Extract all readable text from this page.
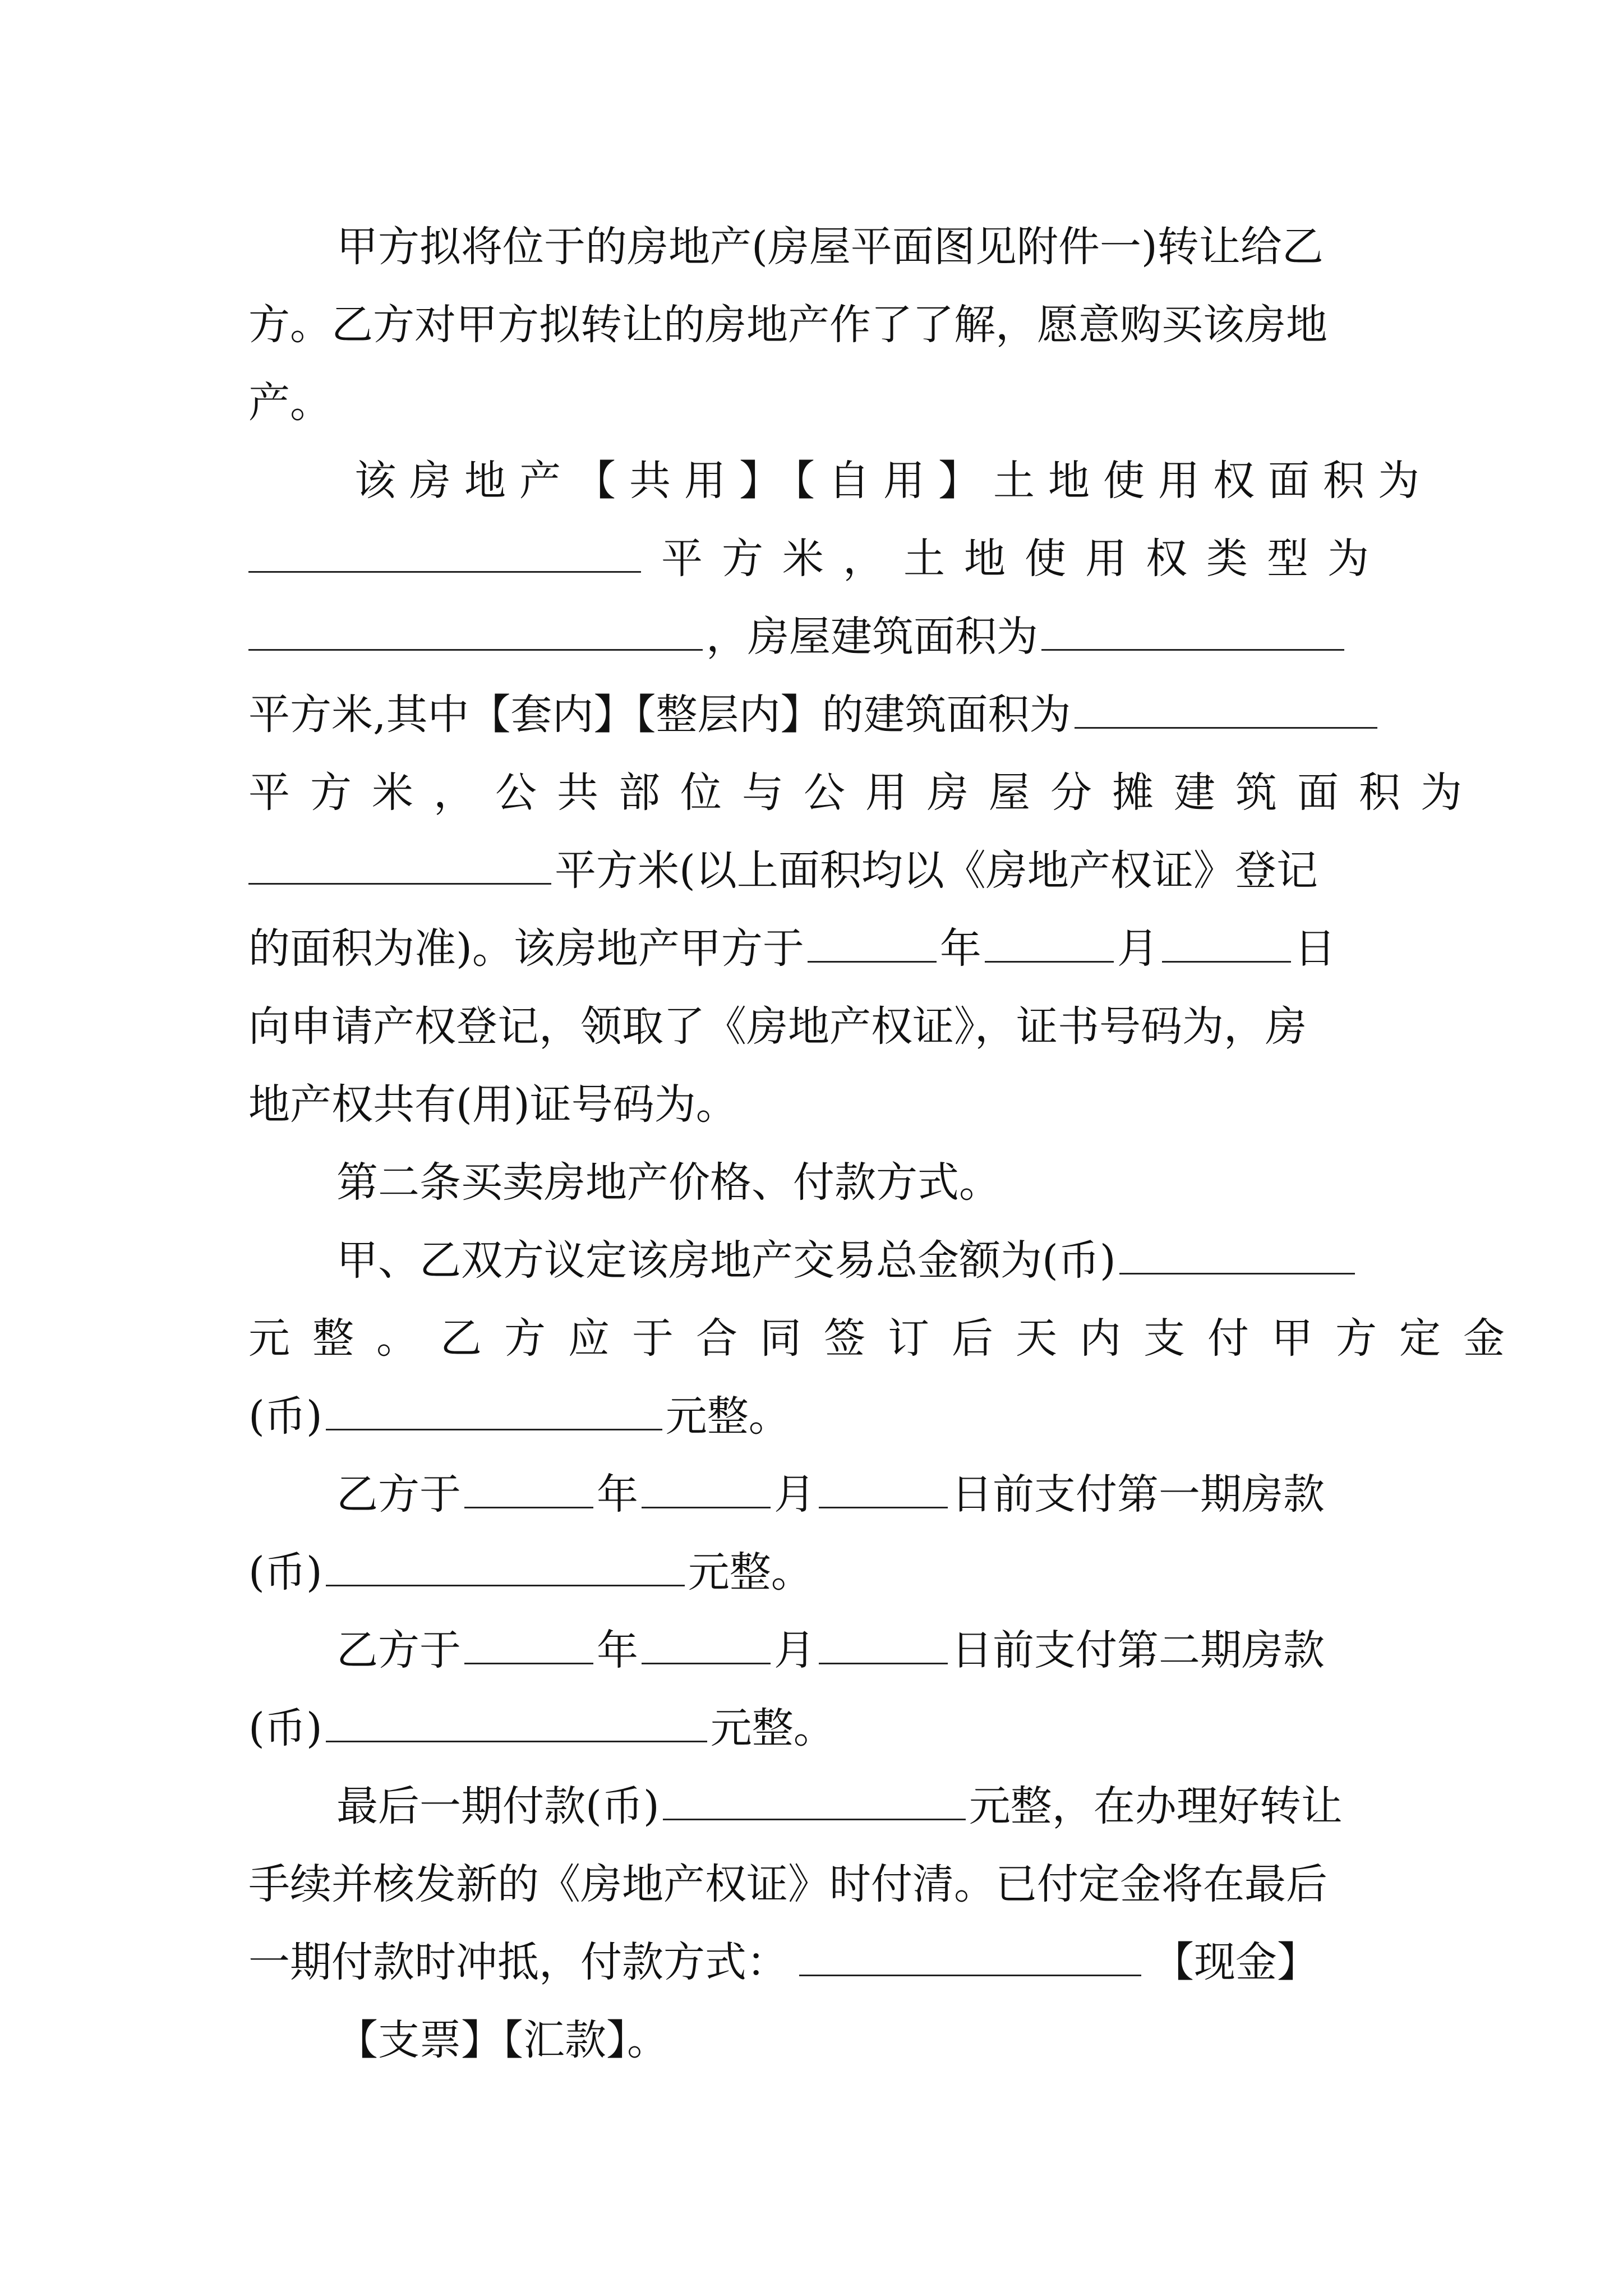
甲方拟将位于的房地产(房屋平面图见附件一)转让给乙
方。乙方对甲方拟转让的房地产作了了解，愿意购买该房地
产。
该房地产【共用】【自用】土地使用权面积为
平方米，土地使用权类型为
，房屋建筑面积为
平方米,其中【套内】【整层内】的建筑面积为
平方米，公共部位与公用房屋分摊建筑面积为
平方米(以上面积均以《房地产权证》登记
的面积为准)。该房地产甲方于	年	月	日
向申请产权登记，领取了《房地产权证》，证书号码为，房
地产权共有(用)证号码为。
第二条买卖房地产价格、付款方式。
甲、乙双方议定该房地产交易总金额为(币)
元整。乙方应于合同签订后天内支付甲方定金
(币)	元整。
乙方于	年	月	日前支付第一期房款
(币)	元整。
乙方于	年	月	日前支付第二期房款
(币)	元整。
最后一期付款(币)	元整，在办理好转让
手续并核发新的《房地产权证》时付清。已付定金将在最后
一期付款时冲抵，付款方式：	【现金】
【支票】【汇款】。
